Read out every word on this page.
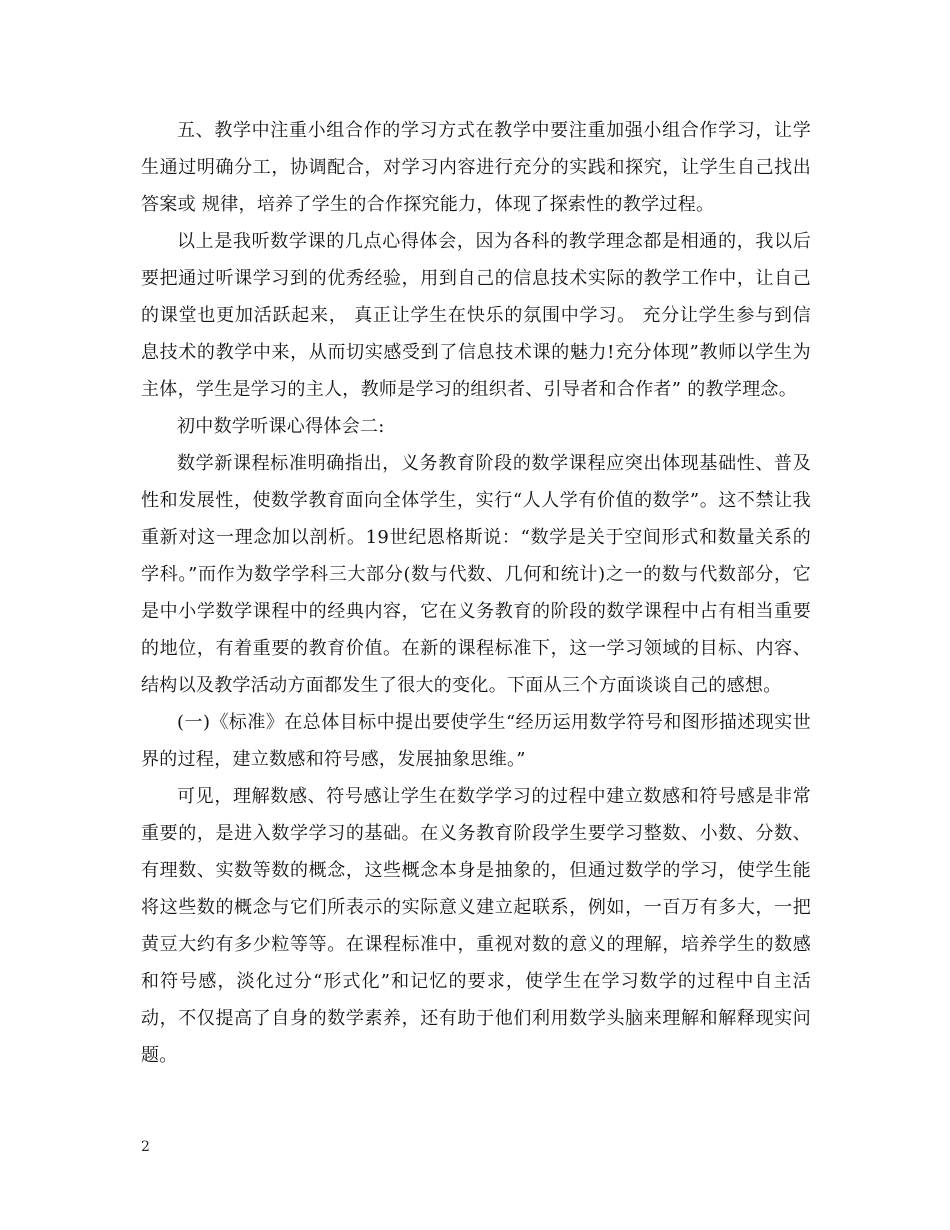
五、教学中注重小组合作的学习方式在教学中要注重加强小组合作学习，让学生通过明确分工，协调配合，对学习内容进行充分的实践和探究，让学生自己找出答案或 规律，培养了学生的合作探究能力，体现了探索性的教学过程。

以上是我听数学课的几点心得体会，因为各科的教学理念都是相通的，我以后要把通过听课学习到的优秀经验，用到自己的信息技术实际的教学工作中，让自己的课堂也更加活跃起来， 真正让学生在快乐的氛围中学习。 充分让学生参与到信息技术的教学中来，从而切实感受到了信息技术课的魅力!充分体现”教师以学生为主体，学生是学习的主人，教师是学习的组织者、引导者和合作者” 的教学理念。

初中数学听课心得体会二:

数学新课程标准明确指出，义务教育阶段的数学课程应突出体现基础性、普及性和发展性，使数学教育面向全体学生，实行“人人学有价值的数学”。这不禁让我重新对这一理念加以剖析。19世纪恩格斯说：“数学是关于空间形式和数量关系的学科。”而作为数学学科三大部分(数与代数、几何和统计)之一的数与代数部分，它是中小学数学课程中的经典内容，它在义务教育的阶段的数学课程中占有相当重要的地位，有着重要的教育价值。在新的课程标准下，这一学习领域的目标、内容、结构以及教学活动方面都发生了很大的变化。下面从三个方面谈谈自己的感想。

(一)《标准》在总体目标中提出要使学生“经历运用数学符号和图形描述现实世界的过程，建立数感和符号感，发展抽象思维。”

可见，理解数感、符号感让学生在数学学习的过程中建立数感和符号感是非常重要的，是进入数学学习的基础。在义务教育阶段学生要学习整数、小数、分数、有理数、实数等数的概念，这些概念本身是抽象的，但通过数学的学习，使学生能将这些数的概念与它们所表示的实际意义建立起联系，例如，一百万有多大，一把黄豆大约有多少粒等等。在课程标准中，重视对数的意义的理解，培养学生的数感和符号感，淡化过分“形式化”和记忆的要求，使学生在学习数学的过程中自主活动，不仅提高了自身的数学素养，还有助于他们利用数学头脑来理解和解释现实问题。

2
